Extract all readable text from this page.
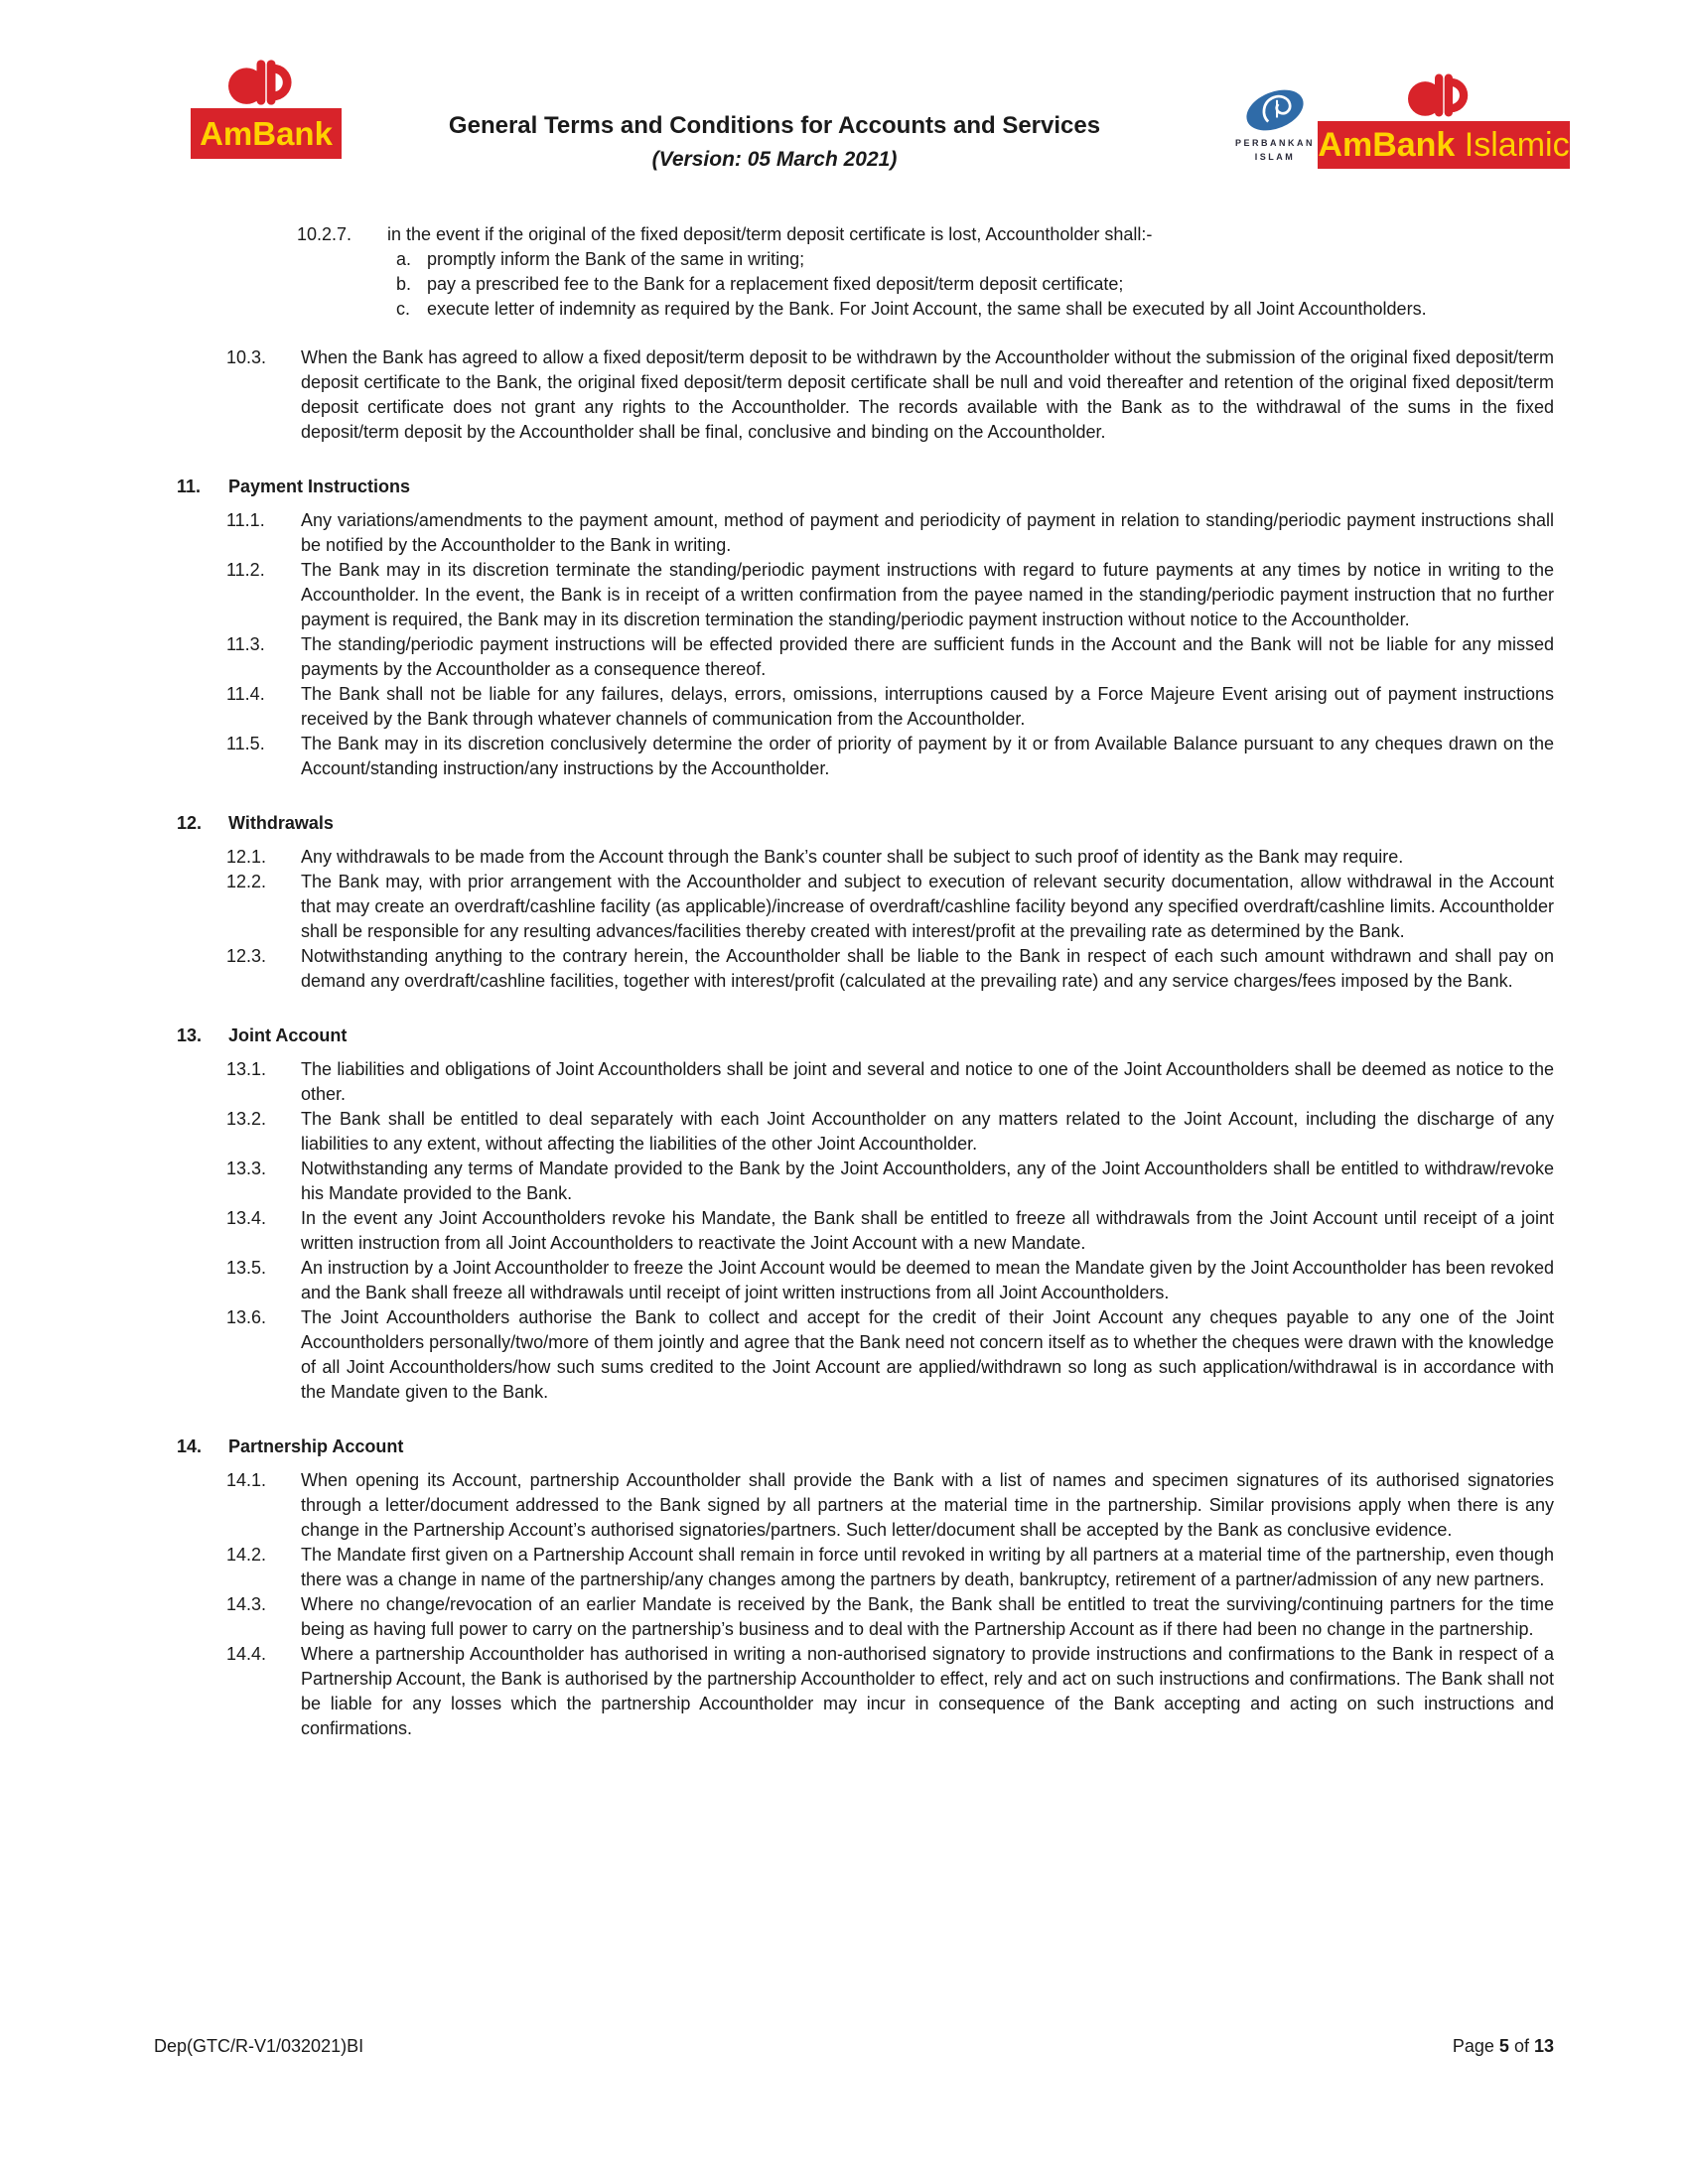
AmBank	General Terms and Conditions for Accounts and Services
(Version: 05 March 2021)
PERBANKAN
ISLAM AmBank Islamic
10.2.7.	in the event if the original of the fixed deposit/term deposit certificate is lost, Accountholder shall:-
a. promptly inform the Bank of the same in writing;
b. pay a prescribed fee to the Bank for a replacement fixed deposit/term deposit certificate;
c. execute letter of indemnity as required by the Bank. For Joint Account, the same shall be executed by all Joint Accountholders.
10.3.	When the Bank has agreed to allow a fixed deposit/term deposit to be withdrawn by the Accountholder without the submission of the original fixed deposit/term deposit certificate to the Bank, the original fixed deposit/term deposit certificate shall be null and void thereafter and retention of the original fixed deposit/term deposit certificate does not grant any rights to the Accountholder. The records available with the Bank as to the withdrawal of the sums in the fixed deposit/term deposit by the Accountholder shall be final, conclusive and binding on the Accountholder.
11.	Payment Instructions
11.1.	Any variations/amendments to the payment amount, method of payment and periodicity of payment in relation to standing/periodic payment instructions shall be notified by the Accountholder to the Bank in writing.
11.2.	The Bank may in its discretion terminate the standing/periodic payment instructions with regard to future payments at any times by notice in writing to the Accountholder. In the event, the Bank is in receipt of a written confirmation from the payee named in the standing/periodic payment instruction that no further payment is required, the Bank may in its discretion termination the standing/periodic payment instruction without notice to the Accountholder.
11.3.	The standing/periodic payment instructions will be effected provided there are sufficient funds in the Account and the Bank will not be liable for any missed payments by the Accountholder as a consequence thereof.
11.4.	The Bank shall not be liable for any failures, delays, errors, omissions, interruptions caused by a Force Majeure Event arising out of payment instructions received by the Bank through whatever channels of communication from the Accountholder.
11.5.	The Bank may in its discretion conclusively determine the order of priority of payment by it or from Available Balance pursuant to any cheques drawn on the Account/standing instruction/any instructions by the Accountholder.
12.	Withdrawals
12.1.	Any withdrawals to be made from the Account through the Bank’s counter shall be subject to such proof of identity as the Bank may require.
12.2.	The Bank may, with prior arrangement with the Accountholder and subject to execution of relevant security documentation, allow withdrawal in the Account that may create an overdraft/cashline facility (as applicable)/increase of overdraft/cashline facility beyond any specified overdraft/cashline limits. Accountholder shall be responsible for any resulting advances/facilities thereby created with interest/profit at the prevailing rate as determined by the Bank.
12.3.	Notwithstanding anything to the contrary herein, the Accountholder shall be liable to the Bank in respect of each such amount withdrawn and shall pay on demand any overdraft/cashline facilities, together with interest/profit (calculated at the prevailing rate) and any service charges/fees imposed by the Bank.
13.	Joint Account
13.1.	The liabilities and obligations of Joint Accountholders shall be joint and several and notice to one of the Joint Accountholders shall be deemed as notice to the other.
13.2.	The Bank shall be entitled to deal separately with each Joint Accountholder on any matters related to the Joint Account, including the discharge of any liabilities to any extent, without affecting the liabilities of the other Joint Accountholder.
13.3.	Notwithstanding any terms of Mandate provided to the Bank by the Joint Accountholders, any of the Joint Accountholders shall be entitled to withdraw/revoke his Mandate provided to the Bank.
13.4.	In the event any Joint Accountholders revoke his Mandate, the Bank shall be entitled to freeze all withdrawals from the Joint Account until receipt of a joint written instruction from all Joint Accountholders to reactivate the Joint Account with a new Mandate.
13.5.	An instruction by a Joint Accountholder to freeze the Joint Account would be deemed to mean the Mandate given by the Joint Accountholder has been revoked and the Bank shall freeze all withdrawals until receipt of joint written instructions from all Joint Accountholders.
13.6.	The Joint Accountholders authorise the Bank to collect and accept for the credit of their Joint Account any cheques payable to any one of the Joint Accountholders personally/two/more of them jointly and agree that the Bank need not concern itself as to whether the cheques were drawn with the knowledge of all Joint Accountholders/how such sums credited to the Joint Account are applied/withdrawn so long as such application/withdrawal is in accordance with the Mandate given to the Bank.
14.	Partnership Account
14.1.	When opening its Account, partnership Accountholder shall provide the Bank with a list of names and specimen signatures of its authorised signatories through a letter/document addressed to the Bank signed by all partners at the material time in the partnership. Similar provisions apply when there is any change in the Partnership Account’s authorised signatories/partners. Such letter/document shall be accepted by the Bank as conclusive evidence.
14.2.	The Mandate first given on a Partnership Account shall remain in force until revoked in writing by all partners at a material time of the partnership, even though there was a change in name of the partnership/any changes among the partners by death, bankruptcy, retirement of a partner/admission of any new partners.
14.3.	Where no change/revocation of an earlier Mandate is received by the Bank, the Bank shall be entitled to treat the surviving/continuing partners for the time being as having full power to carry on the partnership’s business and to deal with the Partnership Account as if there had been no change in the partnership.
14.4.	Where a partnership Accountholder has authorised in writing a non-authorised signatory to provide instructions and confirmations to the Bank in respect of a Partnership Account, the Bank is authorised by the partnership Accountholder to effect, rely and act on such instructions and confirmations. The Bank shall not be liable for any losses which the partnership Accountholder may incur in consequence of the Bank accepting and acting on such instructions and confirmations.
Dep(GTC/R-V1/032021)BI	Page 5 of 13
